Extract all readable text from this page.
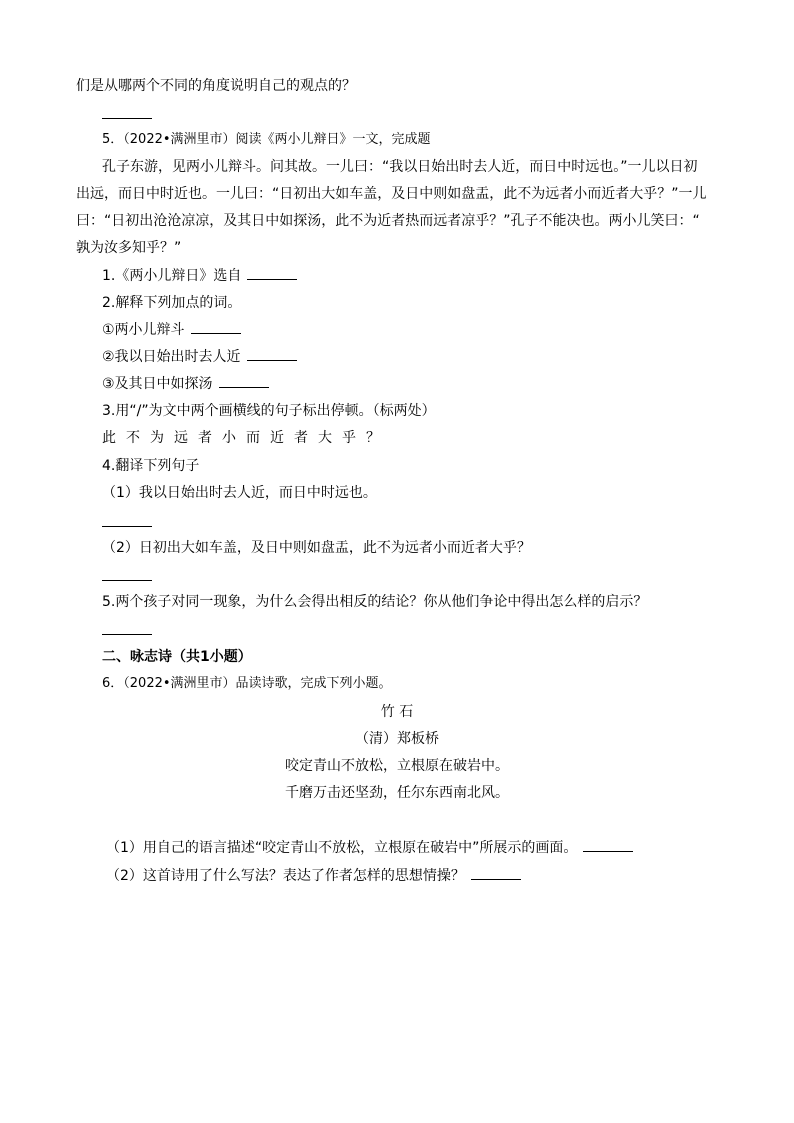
们是从哪两个不同的角度说明自己的观点的？
5．（2022•满洲里市）阅读《两小儿辩日》一文，完成题
孔子东游，见两小儿辩斗。问其故。一儿曰：“我以日始出时去人近，而日中时远也。”一儿以日初
出远，而日中时近也。一儿曰：“日初出大如车盖，及日中则如盘盂，此不为远者小而近者大乎？”一儿
曰：“日初出沧沧凉凉，及其日中如探汤，此不为近者热而远者凉乎？”孔子不能决也。两小儿笑曰：“
孰为汝多知乎？”
1.《两小儿辩日》选自
2.解释下列加点的词。
①两小儿辩斗
②我以日始出时去人近
③及其日中如探汤
3.用“/”为文中两个画横线的句子标出停顿。（标两处）
此不为远者小而近者大乎？
4.翻译下列句子
（1）我以日始出时去人近，而日中时远也。
（2）日初出大如车盖，及日中则如盘盂，此不为远者小而近者大乎？
5.两个孩子对同一现象，为什么会得出相反的结论？你从他们争论中得出怎么样的启示？
二、咏志诗（共1小题）
6．（2022•满洲里市）品读诗歌，完成下列小题。
竹 石
（清）郑板桥
咬定青山不放松，立根原在破岩中。
千磨万击还坚劲，任尔东西南北风。
（1）用自己的语言描述“咬定青山不放松，立根原在破岩中”所展示的画面。
（2）这首诗用了什么写法？表达了作者怎样的思想情操？
